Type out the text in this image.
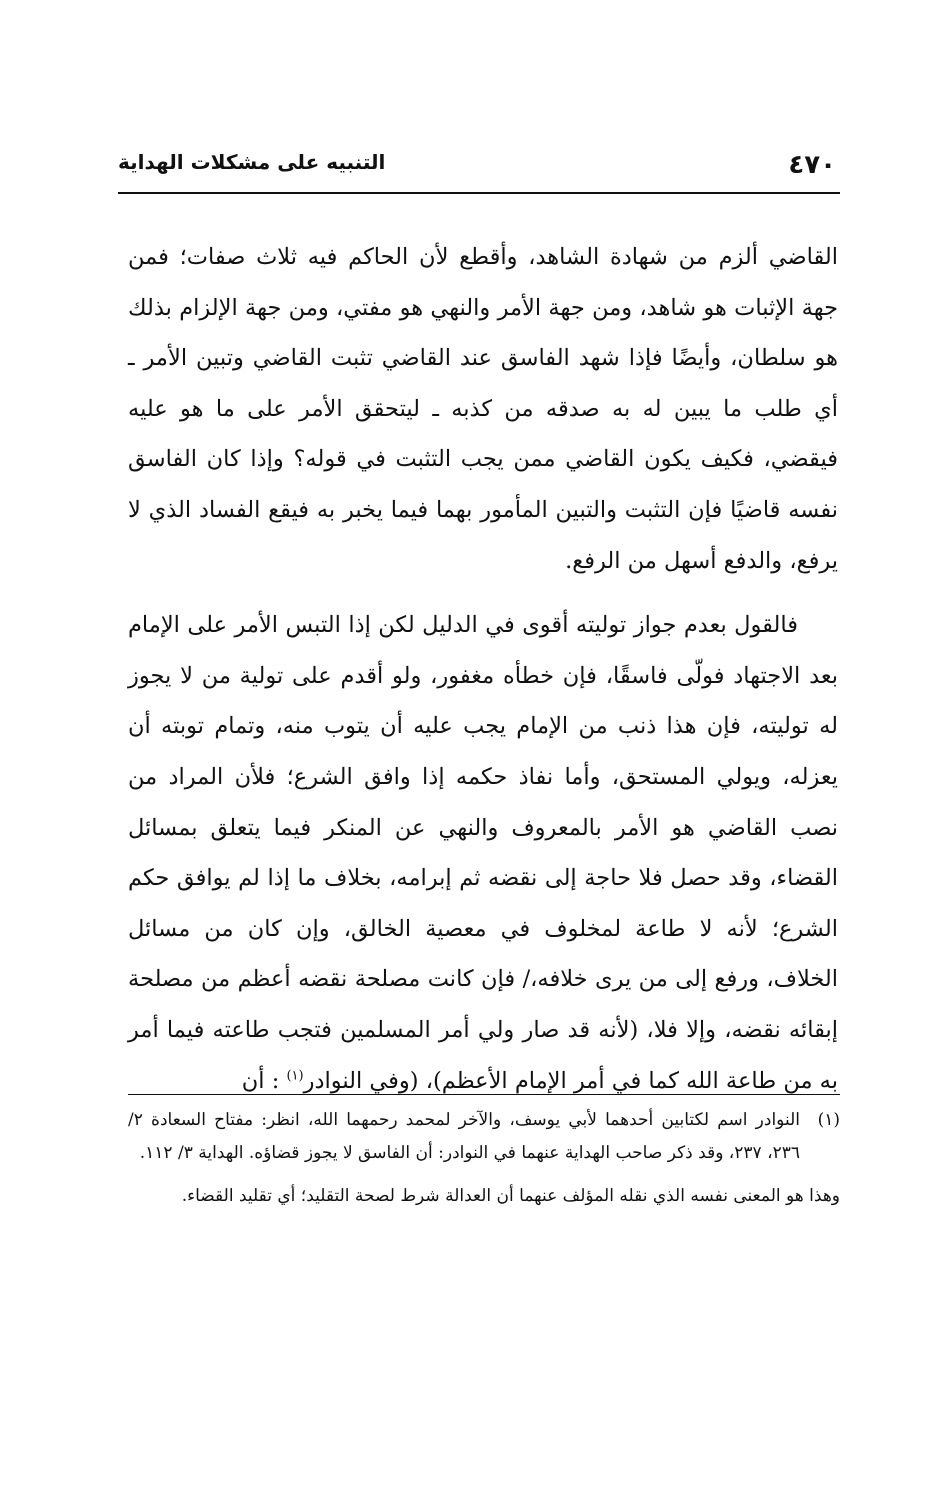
٤٧٠
التنبيه على مشكلات الهداية

القاضي ألزم من شهادة الشاهد، وأقطع لأن الحاكم فيه ثلاث صفات؛ فمن جهة الإثبات هو شاهد، ومن جهة الأمر والنهي هو مفتي، ومن جهة الإلزام بذلك هو سلطان، وأيضًا فإذا شهد الفاسق عند القاضي تثبت القاضي وتبين الأمر ـ أي طلب ما يبين له به صدقه من كذبه ـ ليتحقق الأمر على ما هو عليه فيقضي، فكيف يكون القاضي ممن يجب التثبت في قوله؟ وإذا كان الفاسق نفسه قاضيًا فإن التثبت والتبين المأمور بهما فيما يخبر به فيقع الفساد الذي لا يرفع، والدفع أسهل من الرفع.

فالقول بعدم جواز توليته أقوى في الدليل لكن إذا التبس الأمر على الإمام بعد الاجتهاد فولّى فاسقًا، فإن خطأه مغفور، ولو أقدم على تولية من لا يجوز له توليته، فإن هذا ذنب من الإمام يجب عليه أن يتوب منه، وتمام توبته أن يعزله، ويولي المستحق، وأما نفاذ حكمه إذا وافق الشرع؛ فلأن المراد من نصب القاضي هو الأمر بالمعروف والنهي عن المنكر فيما يتعلق بمسائل القضاء، وقد حصل فلا حاجة إلى نقضه ثم إبرامه، بخلاف ما إذا لم يوافق حكم الشرع؛ لأنه لا طاعة لمخلوف في معصية الخالق، وإن كان من مسائل الخلاف، ورفع إلى من يرى خلافه،/ فإن كانت مصلحة نقضه أعظم من مصلحة إبقائه نقضه، وإلا فلا، (لأنه قد صار ولي أمر المسلمين فتجب طاعته فيما أمر به من طاعة الله كما في أمر الإمام الأعظم)، (وفي النوادر$^{(١)}$ : أن

(١)
النوادر اسم لكتابين أحدهما لأبي يوسف، والآخر لمحمد رحمهما الله، انظر: مفتاح السعادة ٢/ ٢٣٦، ٢٣٧، وقد ذكر صاحب الهداية عنهما في النوادر: أن الفاسق لا يجوز قضاؤه. الهداية ٣/ ١١٢.

وهذا هو المعنى نفسه الذي نقله المؤلف عنهما أن العدالة شرط لصحة التقليد؛ أي تقليد القضاء.
